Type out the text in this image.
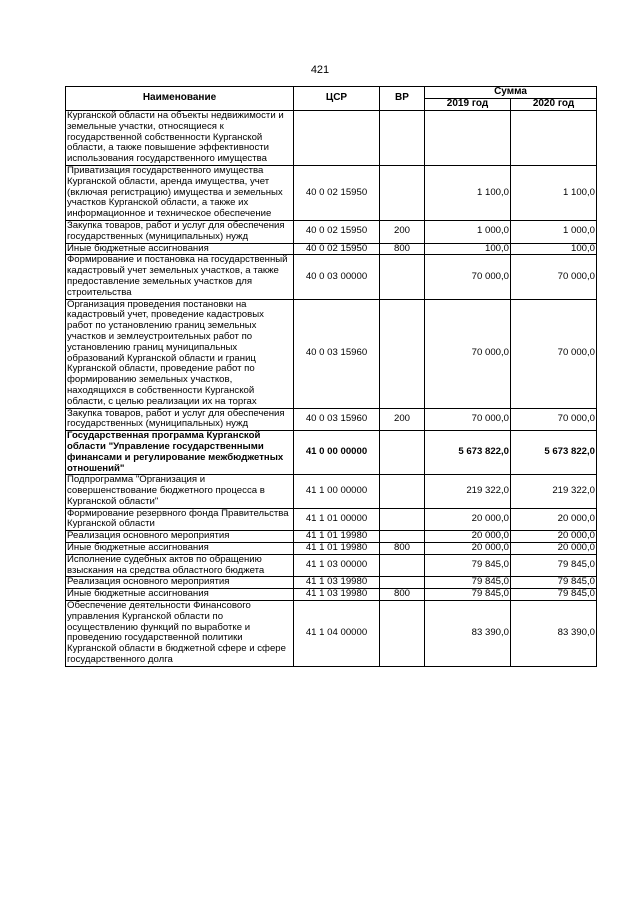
421
Наименование	ЦСР	ВР	Сумма	
			2019 год	2020 год
Курганской области на объекты недвижимости и земельные участки, относящиеся к государственной собственности Курганской области, а также повышение эффективности использования государственного имущества				
Приватизация государственного имущества Курганской области, аренда имущества, учет (включая регистрацию) имущества и земельных участков Курганской области, а также их информационное и техническое обеспечение	40 0 02 15950		1 100,0	1 100,0
Закупка товаров, работ и услуг для обеспечения государственных (муниципальных) нужд	40 0 02 15950	200	1 000,0	1 000,0
Иные бюджетные ассигнования	40 0 02 15950	800	100,0	100,0
Формирование и постановка на государственный кадастровый учет земельных участков, а также предоставление земельных участков для строительства	40 0 03 00000		70 000,0	70 000,0
Организация проведения постановки на кадастровый учет, проведение кадастровых работ по установлению границ земельных участков и землеустроительных работ по установлению границ муниципальных образований Курганской области и границ Курганской области, проведение работ по формированию земельных участков, находящихся в собственности Курганской области, с целью реализации их на торгах	40 0 03 15960		70 000,0	70 000,0
Закупка товаров, работ и услуг для обеспечения государственных (муниципальных) нужд	40 0 03 15960	200	70 000,0	70 000,0
Государственная программа Курганской области "Управление государственными финансами и регулирование межбюджетных отношений"	41 0 00 00000		5 673 822,0	5 673 822,0
Подпрограмма "Организация и совершенствование бюджетного процесса в Курганской области"	41 1 00 00000		219 322,0	219 322,0
Формирование резервного фонда Правительства Курганской области	41 1 01 00000		20 000,0	20 000,0
Реализация основного мероприятия	41 1 01 19980		20 000,0	20 000,0
Иные бюджетные ассигнования	41 1 01 19980	800	20 000,0	20 000,0
Исполнение судебных актов по обращению взыскания на средства областного бюджета	41 1 03 00000		79 845,0	79 845,0
Реализация основного мероприятия	41 1 03 19980		79 845,0	79 845,0
Иные бюджетные ассигнования	41 1 03 19980	800	79 845,0	79 845,0
Обеспечение деятельности Финансового управления Курганской области по осуществлению функций по выработке и проведению государственной политики Курганской области в бюджетной сфере и сфере государственного долга	41 1 04 00000		83 390,0	83 390,0
